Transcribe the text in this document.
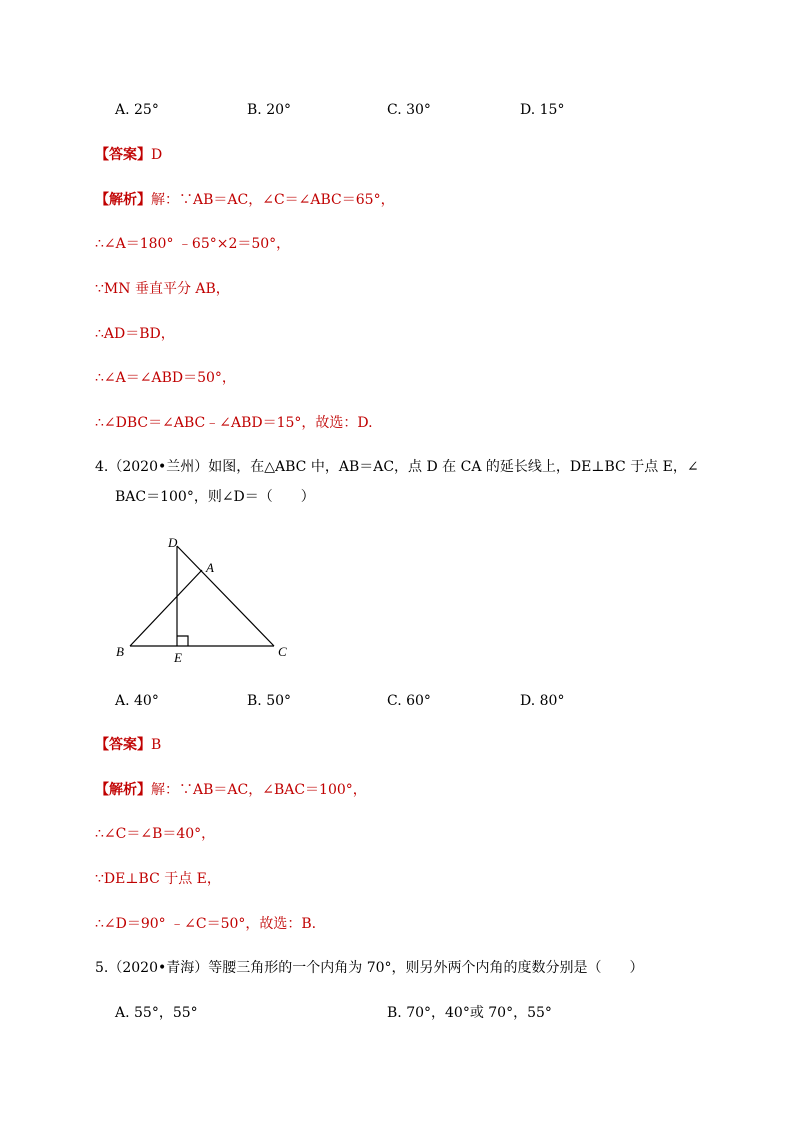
A. 25°	B. 20°	C. 30°	D. 15°
【答案】D
【解析】解：∵AB＝AC，∠C＝∠ABC＝65°，
∴∠A＝180° ﹣65°×2＝50°，
∵MN 垂直平分 AB，
∴AD＝BD，
∴∠A＝∠ABD＝50°，
∴∠DBC＝∠ABC﹣∠ABD＝15°，故选：D.
4.（2020•兰州）如图，在△ABC 中，AB＝AC，点 D 在 CA 的延长线上，DE⊥BC 于点 E，∠
BAC＝100°，则∠D＝（　　）
D
A
B	E	C
A. 40°	B. 50°	C. 60°	D. 80°
【答案】B
【解析】解：∵AB＝AC，∠BAC＝100°，
∴∠C＝∠B＝40°，
∵DE⊥BC 于点 E，
∴∠D＝90° ﹣∠C＝50°，故选：B.
5.（2020•青海）等腰三角形的一个内角为 70°，则另外两个内角的度数分别是（　　）
A. 55°，55°	B. 70°，40°或 70°，55°
